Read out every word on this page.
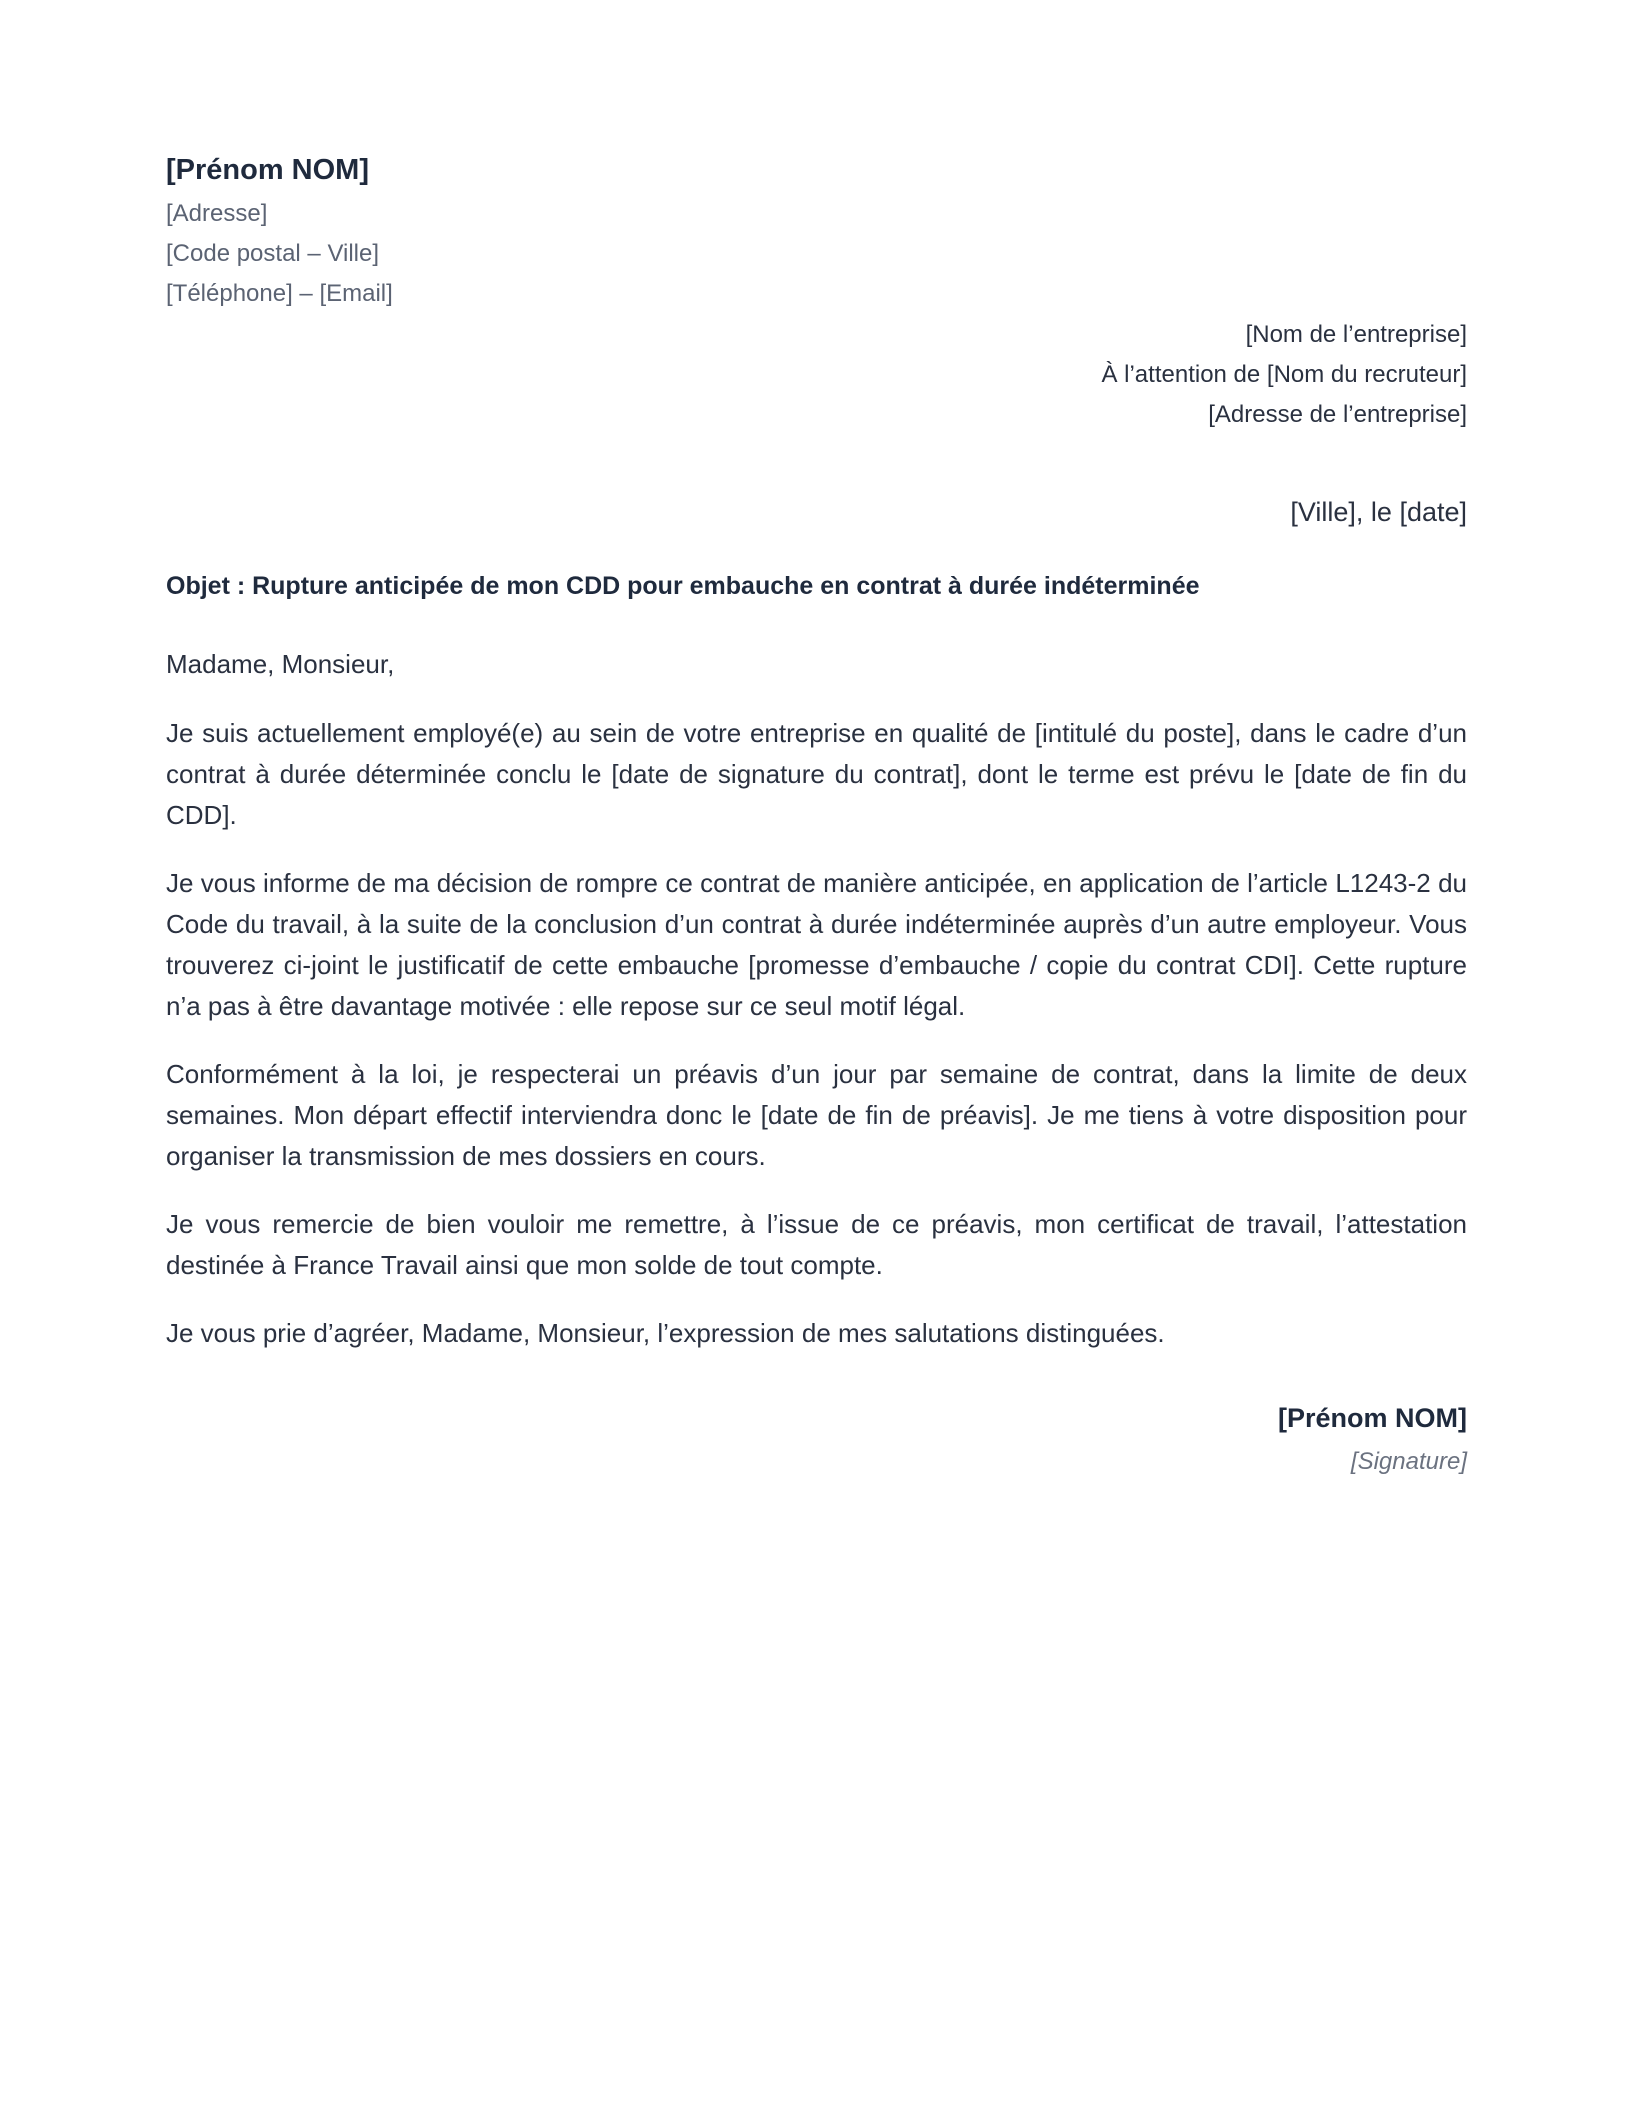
[Prénom NOM]
[Adresse]
[Code postal – Ville]
[Téléphone] – [Email]
[Nom de l’entreprise]
À l’attention de [Nom du recruteur]
[Adresse de l’entreprise]
[Ville], le [date]
Objet : Rupture anticipée de mon CDD pour embauche en contrat à durée indéterminée

Madame, Monsieur,

Je suis actuellement employé(e) au sein de votre entreprise en qualité de [intitulé du poste], dans le cadre d’un contrat à durée déterminée conclu le [date de signature du contrat], dont le terme est prévu le [date de fin du CDD].

Je vous informe de ma décision de rompre ce contrat de manière anticipée, en application de l’article L1243-2 du Code du travail, à la suite de la conclusion d’un contrat à durée indéterminée auprès d’un autre employeur. Vous trouverez ci-joint le justificatif de cette embauche [promesse d’embauche / copie du contrat CDI]. Cette rupture n’a pas à être davantage motivée : elle repose sur ce seul motif légal.

Conformément à la loi, je respecterai un préavis d’un jour par semaine de contrat, dans la limite de deux semaines. Mon départ effectif interviendra donc le [date de fin de préavis]. Je me tiens à votre disposition pour organiser la transmission de mes dossiers en cours.

Je vous remercie de bien vouloir me remettre, à l’issue de ce préavis, mon certificat de travail, l’attestation destinée à France Travail ainsi que mon solde de tout compte.

Je vous prie d’agréer, Madame, Monsieur, l’expression de mes salutations distinguées.

[Prénom NOM]
[Signature]
